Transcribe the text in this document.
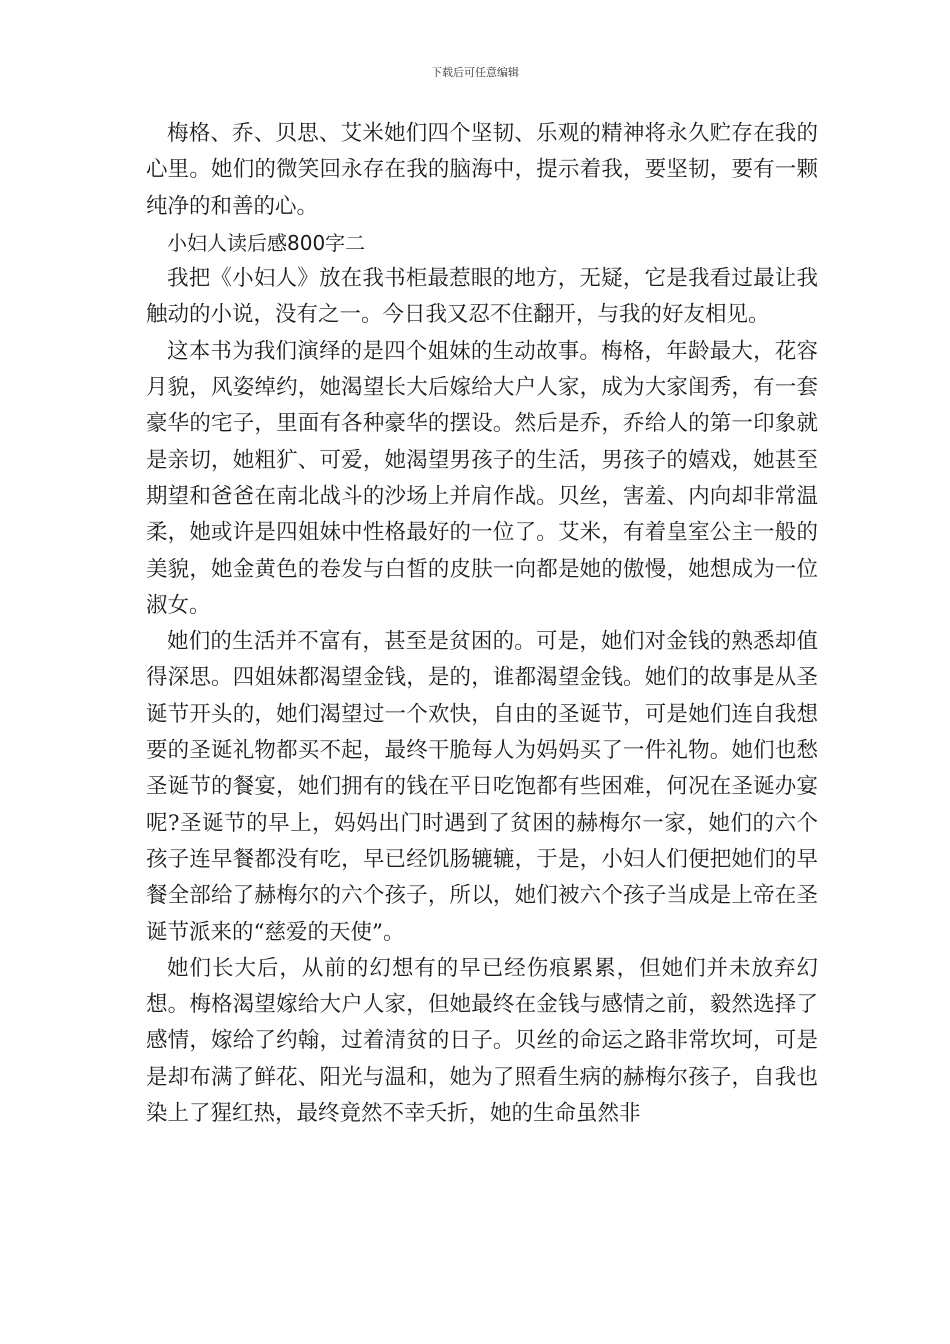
下载后可任意编辑

梅格、乔、贝思、艾米她们四个坚韧、乐观的精神将永久贮存在我的心里。她们的微笑回永存在我的脑海中，提示着我，要坚韧，要有一颗纯净的和善的心。

小妇人读后感800字二

我把《小妇人》放在我书柜最惹眼的地方，无疑，它是我看过最让我触动的小说，没有之一。今日我又忍不住翻开，与我的好友相见。

这本书为我们演绎的是四个姐妹的生动故事。梅格，年龄最大，花容月貌，风姿绰约，她渴望长大后嫁给大户人家，成为大家闺秀，有一套豪华的宅子，里面有各种豪华的摆设。然后是乔，乔给人的第一印象就是亲切，她粗犷、可爱，她渴望男孩子的生活，男孩子的嬉戏，她甚至期望和爸爸在南北战斗的沙场上并肩作战。贝丝，害羞、内向却非常温柔，她或许是四姐妹中性格最好的一位了。艾米，有着皇室公主一般的美貌，她金黄色的卷发与白皙的皮肤一向都是她的傲慢，她想成为一位淑女。

她们的生活并不富有，甚至是贫困的。可是，她们对金钱的熟悉却值得深思。四姐妹都渴望金钱，是的，谁都渴望金钱。她们的故事是从圣诞节开头的，她们渴望过一个欢快，自由的圣诞节，可是她们连自我想要的圣诞礼物都买不起，最终干脆每人为妈妈买了一件礼物。她们也愁圣诞节的餐宴，她们拥有的钱在平日吃饱都有些困难，何况在圣诞办宴呢?圣诞节的早上，妈妈出门时遇到了贫困的赫梅尔一家，她们的六个孩子连早餐都没有吃，早已经饥肠辘辘，于是，小妇人们便把她们的早餐全部给了赫梅尔的六个孩子，所以，她们被六个孩子当成是上帝在圣诞节派来的“慈爱的天使”。

她们长大后，从前的幻想有的早已经伤痕累累，但她们并未放弃幻想。梅格渴望嫁给大户人家，但她最终在金钱与感情之前，毅然选择了感情，嫁给了约翰，过着清贫的日子。贝丝的命运之路非常坎坷，可是是却布满了鲜花、阳光与温和，她为了照看生病的赫梅尔孩子，自我也染上了猩红热，最终竟然不幸夭折，她的生命虽然非
